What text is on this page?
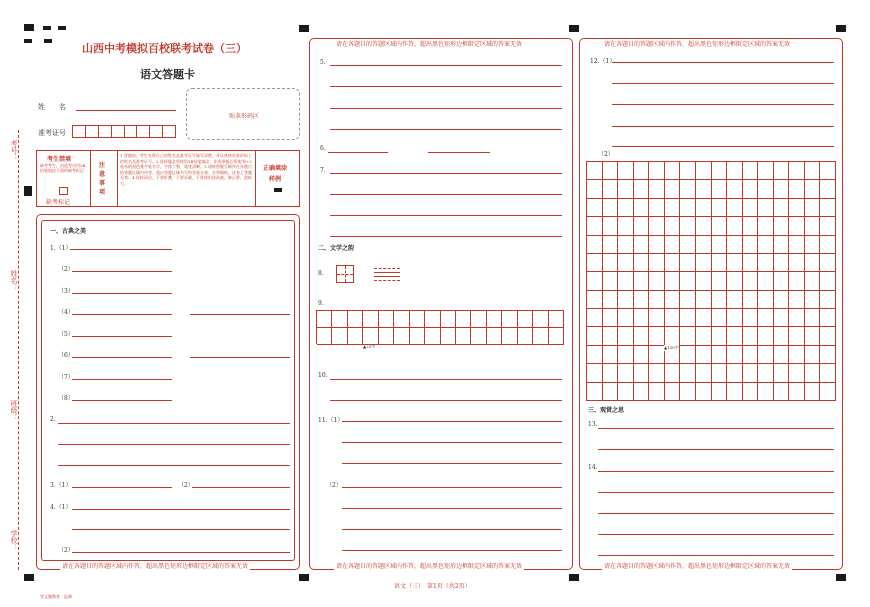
考号：
姓名：
班级：
学校：
山西中考模拟百校联考试卷（三）
语文答题卡
姓　　名
准考证号
贴条形码区
考生禁填
缺考考生，由监考员用2B铅笔填涂下面的缺考标记
缺考标记
注意事项
1.答题前，考生先将自己的姓名及准考证号填写清楚，并认真核对条形码上的姓名及准考证号。2.选择题必须使用2B铅笔填涂；非选择题必须使用0.5毫米的黑色签字笔书写，字体工整，笔迹清晰。3.请按照题号顺序在各题目的答题区域内作答，超出答题区域书写的答案无效；在草稿纸、试卷上答题无效。4.保持清洁，不要折叠，不要弄破，不准使用涂改液、修正带、刮纸刀。
正确填涂
样例
一、古典之美
1.（1）
（2）
（3）
（4）
（5）
（6）
（7）
（8）
2.
3.（1）	（2）
4.（1）
（2）
请在各题目的答题区域内作答，超出黑色矩形边框限定区域的答案无效
请在各题目的答题区域内作答，超出黑色矩形边框限定区域的答案无效
5.
6.
7.
二、文学之韵
8.
9.
▲25字
10.
11.（1）
（2）
请在各题目的答题区域内作答，超出黑色矩形边框限定区域的答案无效
请在各题目的答题区域内作答，超出黑色矩形边框限定区域的答案无效
12.（1）
（2）
▲150字
三、观赏之思
13.
14.
请在各题目的答题区域内作答，超出黑色矩形边框限定区域的答案无效
语文（三）　第1页（共2页）
答文题教育　监制
